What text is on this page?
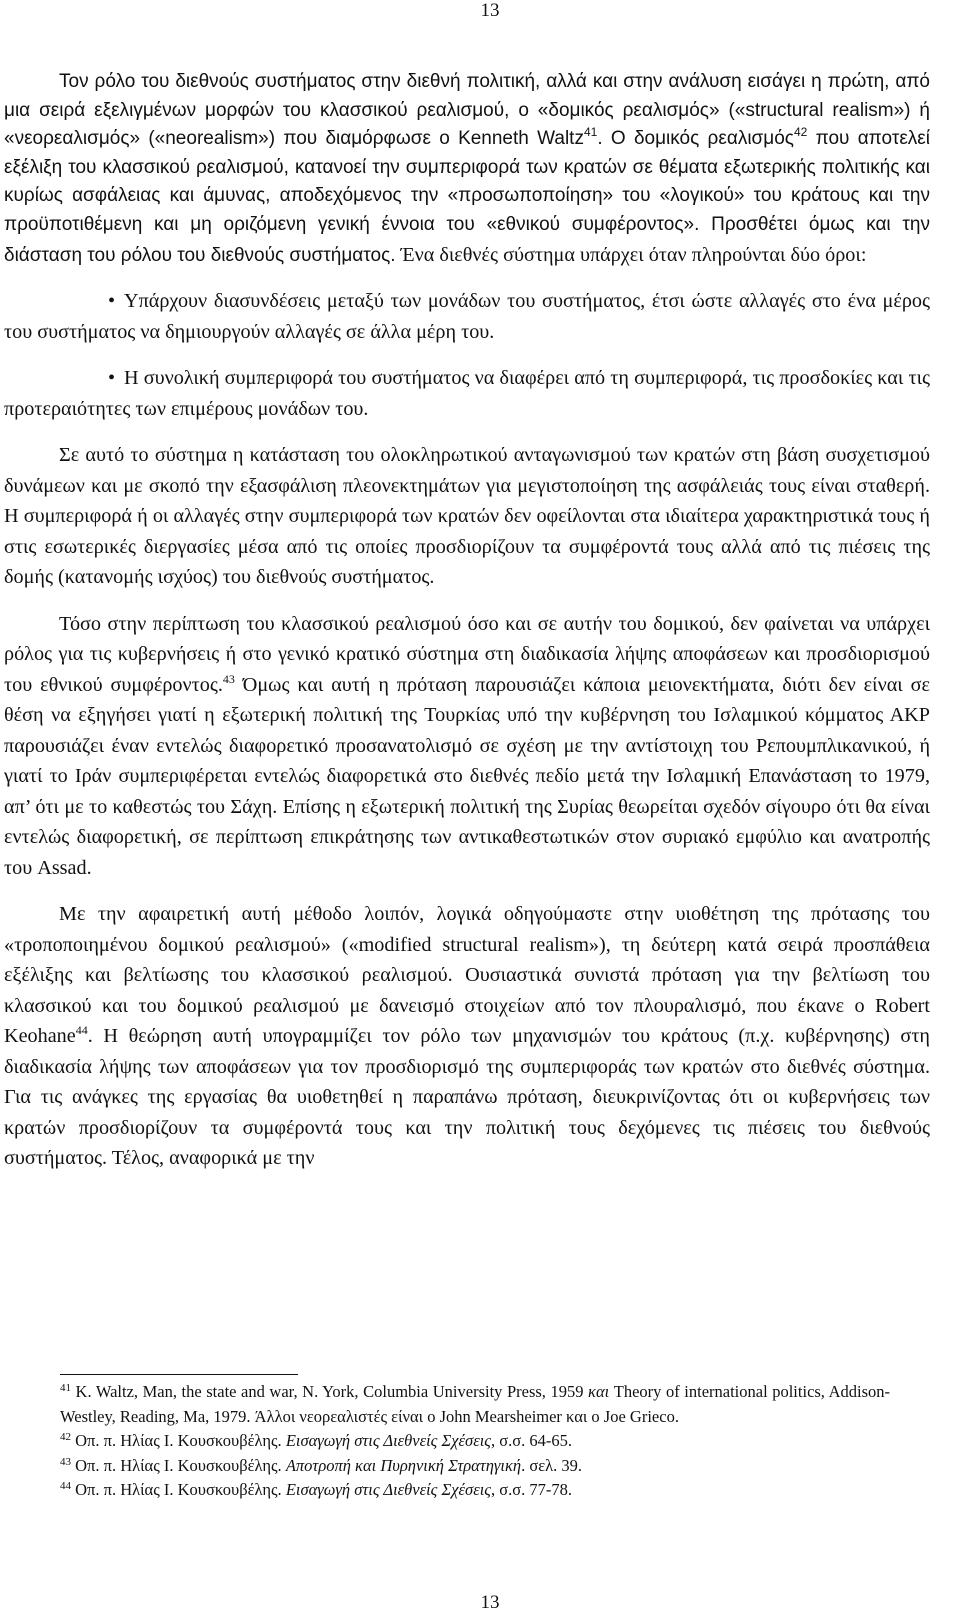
13

Τον ρόλο του διεθνούς συστήματος στην διεθνή πολιτική, αλλά και στην ανάλυση εισάγει η πρώτη, από μια σειρά εξελιγμένων μορφών του κλασσικού ρεαλισμού, ο «δομικός ρεαλισμός» («structural realism») ή «νεορεαλισμός» («neorealism») που διαμόρφωσε ο Kenneth Waltz$^{41}$. Ο δομικός ρεαλισμός$^{42}$ που αποτελεί εξέλιξη του κλασσικού ρεαλισμού, κατανοεί την συμπεριφορά των κρατών σε θέματα εξωτερικής πολιτικής και κυρίως ασφάλειας και άμυνας, αποδεχόμενος την «προσωποποίηση» του «λογικού» του κράτους και την προϋποτιθέμενη και μη οριζόμενη γενική έννοια του «εθνικού συμφέροντος». Προσθέτει όμως και την διάσταση του ρόλου του διεθνούς συστήματος. Ένα διεθνές σύστημα υπάρχει όταν πληρούνται δύο όροι:

• Υπάρχουν διασυνδέσεις μεταξύ των μονάδων του συστήματος, έτσι ώστε αλλαγές στο ένα μέρος του συστήματος να δημιουργούν αλλαγές σε άλλα μέρη του.

• Η συνολική συμπεριφορά του συστήματος να διαφέρει από τη συμπεριφορά, τις προσδοκίες και τις προτεραιότητες των επιμέρους μονάδων του.

Σε αυτό το σύστημα η κατάσταση του ολοκληρωτικού ανταγωνισμού των κρατών στη βάση συσχετισμού δυνάμεων και με σκοπό την εξασφάλιση πλεονεκτημάτων για μεγιστοποίηση της ασφάλειάς τους είναι σταθερή. Η συμπεριφορά ή οι αλλαγές στην συμπεριφορά των κρατών δεν οφείλονται στα ιδιαίτερα χαρακτηριστικά τους ή στις εσωτερικές διεργασίες μέσα από τις οποίες προσδιορίζουν τα συμφέροντά τους αλλά από τις πιέσεις της δομής (κατανομής ισχύος) του διεθνούς συστήματος.

Τόσο στην περίπτωση του κλασσικού ρεαλισμού όσο και σε αυτήν του δομικού, δεν φαίνεται να υπάρχει ρόλος για τις κυβερνήσεις ή στο γενικό κρατικό σύστημα στη διαδικασία λήψης αποφάσεων και προσδιορισμού του εθνικού συμφέροντος.$^{43}$ Όμως και αυτή η πρόταση παρουσιάζει κάποια μειονεκτήματα, διότι δεν είναι σε θέση να εξηγήσει γιατί η εξωτερική πολιτική της Τουρκίας υπό την κυβέρνηση του Ισλαμικού κόμματος ΑΚΡ παρουσιάζει έναν εντελώς διαφορετικό προσανατολισμό σε σχέση με την αντίστοιχη του Ρεπουμπλικανικού, ή γιατί το Ιράν συμπεριφέρεται εντελώς διαφορετικά στο διεθνές πεδίο μετά την Ισλαμική Επανάσταση το 1979, απ’ ότι με το καθεστώς του Σάχη. Επίσης η εξωτερική πολιτική της Συρίας θεωρείται σχεδόν σίγουρο ότι θα είναι εντελώς διαφορετική, σε περίπτωση επικράτησης των αντικαθεστωτικών στον συριακό εμφύλιο και ανατροπής του Assad.

Με την αφαιρετική αυτή μέθοδο λοιπόν, λογικά οδηγούμαστε στην υιοθέτηση της πρότασης του «τροποποιημένου δομικού ρεαλισμού» («modified structural realism»), τη δεύτερη κατά σειρά προσπάθεια εξέλιξης και βελτίωσης του κλασσικού ρεαλισμού. Ουσιαστικά συνιστά πρόταση για την βελτίωση του κλασσικού και του δομικού ρεαλισμού με δανεισμό στοιχείων από τον πλουραλισμό, που έκανε ο Robert Keohane$^{44}$. Η θεώρηση αυτή υπογραμμίζει τον ρόλο των μηχανισμών του κράτους (π.χ. κυβέρνησης) στη διαδικασία λήψης των αποφάσεων για τον προσδιορισμό της συμπεριφοράς των κρατών στο διεθνές σύστημα. Για τις ανάγκες της εργασίας θα υιοθετηθεί η παραπάνω πρόταση, διευκρινίζοντας ότι οι κυβερνήσεις των κρατών προσδιορίζουν τα συμφέροντά τους και την πολιτική τους δεχόμενες τις πιέσεις του διεθνούς συστήματος. Τέλος, αναφορικά με την

$^{41}$ K. Waltz, Man, the state and war, N. York, Columbia University Press, 1959 και Theory of international politics, Addison-Westley, Reading, Ma, 1979. Άλλοι νεορεαλιστές είναι ο John Mearsheimer και ο Joe Grieco.

$^{42}$ Οπ. π. Ηλίας Ι. Κουσκουβέλης. Εισαγωγή στις Διεθνείς Σχέσεις, σ.σ. 64-65.

$^{43}$ Οπ. π. Ηλίας Ι. Κουσκουβέλης. Αποτροπή και Πυρηνική Στρατηγική. σελ. 39.

$^{44}$ Οπ. π. Ηλίας Ι. Κουσκουβέλης. Εισαγωγή στις Διεθνείς Σχέσεις, σ.σ. 77-78.

13
